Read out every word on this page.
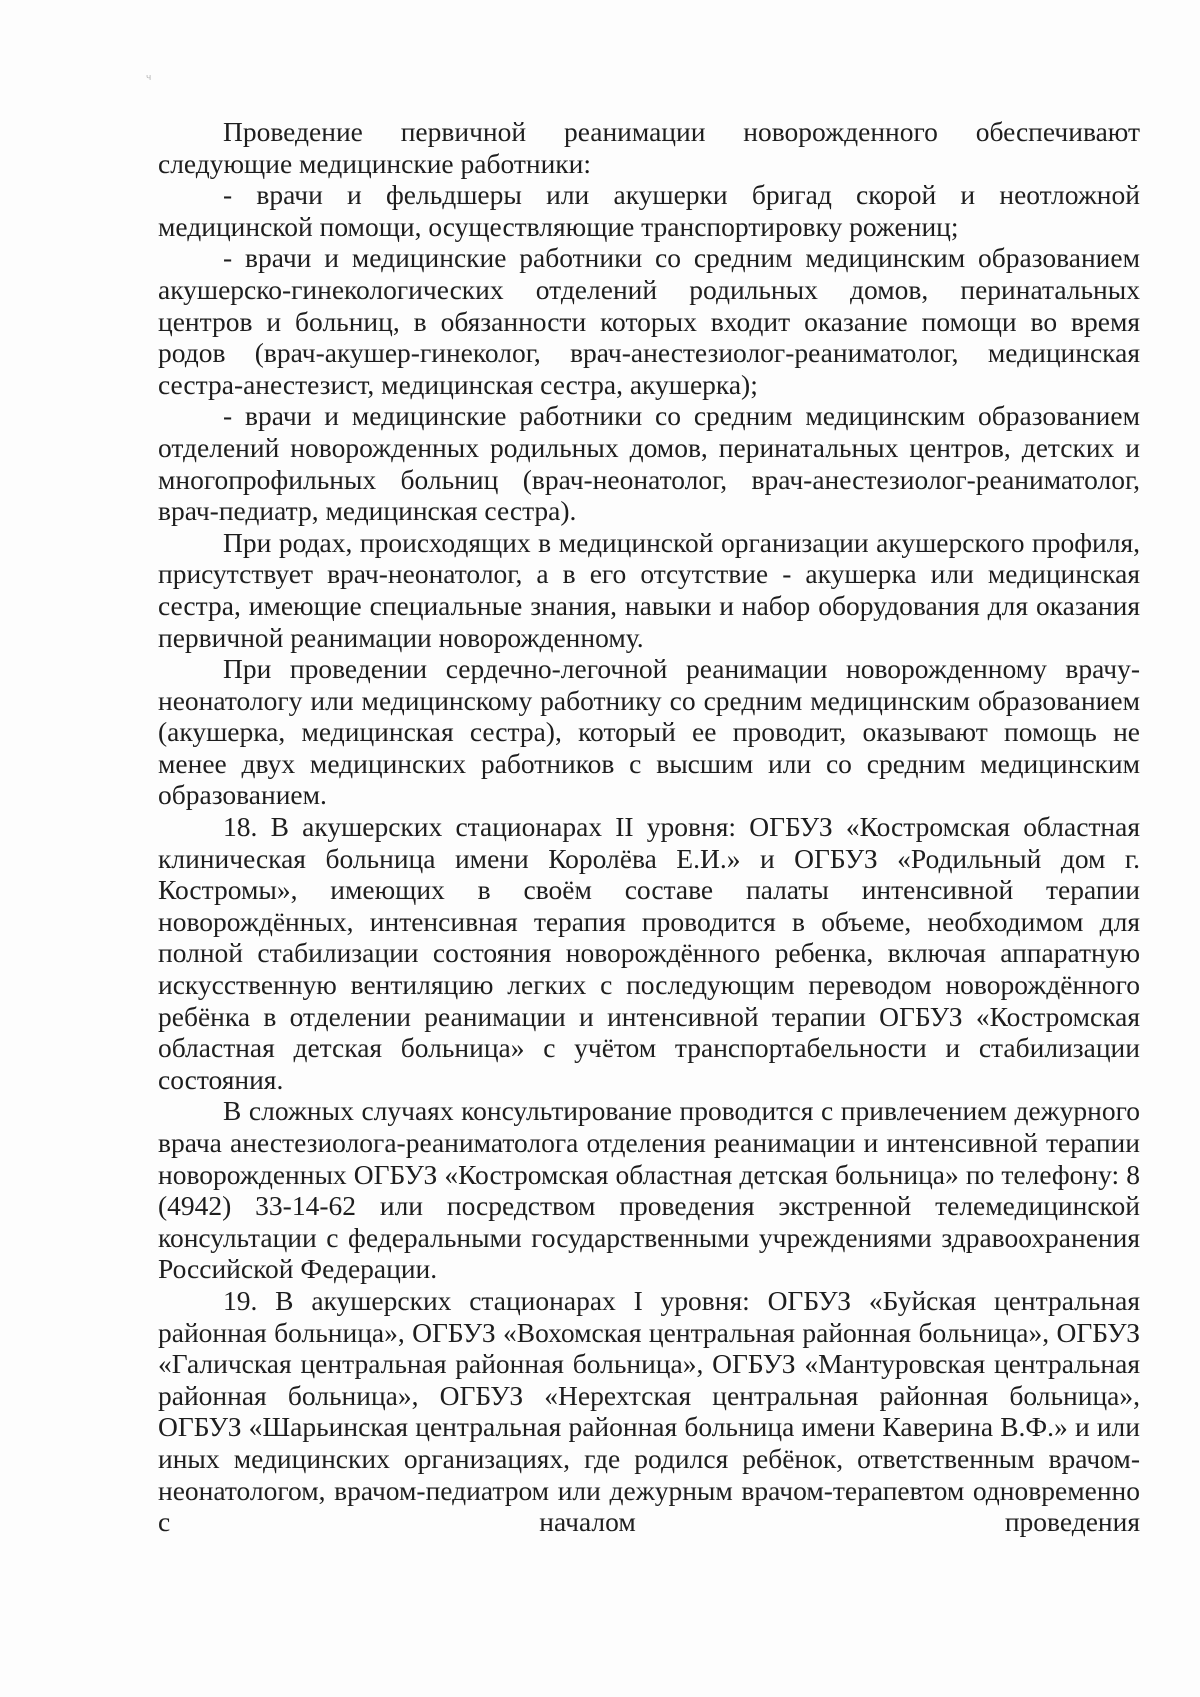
ч

Проведение первичной реанимации новорожденного обеспечивают следующие медицинские работники:

- врачи и фельдшеры или акушерки бригад скорой и неотложной медицинской помощи, осуществляющие транспортировку рожениц;

- врачи и медицинские работники со средним медицинским образованием акушерско-гинекологических отделений родильных домов, перинатальных центров и больниц, в обязанности которых входит оказание помощи во время родов (врач-акушер-гинеколог, врач-анестезиолог-реаниматолог, медицинская сестра-анестезист, медицинская сестра, акушерка);

- врачи и медицинские работники со средним медицинским образованием отделений новорожденных родильных домов, перинатальных центров, детских и многопрофильных больниц (врач-неонатолог, врач-анестезиолог-реаниматолог, врач-педиатр, медицинская сестра).

При родах, происходящих в медицинской организации акушерского профиля, присутствует врач-неонатолог, а в его отсутствие - акушерка или медицинская сестра, имеющие специальные знания, навыки и набор оборудования для оказания первичной реанимации новорожденному.

При проведении сердечно-легочной реанимации новорожденному врачу-неонатологу или медицинскому работнику со средним медицинским образованием (акушерка, медицинская сестра), который ее проводит, оказывают помощь не менее двух медицинских работников с высшим или со средним медицинским образованием.

18. В акушерских стационарах II уровня: ОГБУЗ «Костромская областная клиническая больница имени Королёва Е.И.» и ОГБУЗ «Родильный дом г. Костромы», имеющих в своём составе палаты интенсивной терапии новорождённых, интенсивная терапия проводится в объеме, необходимом для полной стабилизации состояния новорождённого ребенка, включая аппаратную искусственную вентиляцию легких с последующим переводом новорождённого ребёнка в отделении реанимации и интенсивной терапии ОГБУЗ «Костромская областная детская больница» с учётом транспортабельности и стабилизации состояния.

В сложных случаях консультирование проводится с привлечением дежурного врача анестезиолога-реаниматолога отделения реанимации и интенсивной терапии новорожденных ОГБУЗ «Костромская областная детская больница» по телефону: 8 (4942) 33-14-62 или посредством проведения экстренной телемедицинской консультации с федеральными государственными учреждениями здравоохранения Российской Федерации.

19. В акушерских стационарах I уровня: ОГБУЗ «Буйская центральная районная больница», ОГБУЗ «Вохомская центральная районная больница», ОГБУЗ «Галичская центральная районная больница», ОГБУЗ «Мантуровская центральная районная больница», ОГБУЗ «Нерехтская центральная районная больница», ОГБУЗ «Шарьинская центральная районная больница имени Каверина В.Ф.» и или иных медицинских организациях, где родился ребёнок, ответственным врачом-неонатологом, врачом-педиатром или дежурным врачом-терапевтом одновременно с началом проведения
